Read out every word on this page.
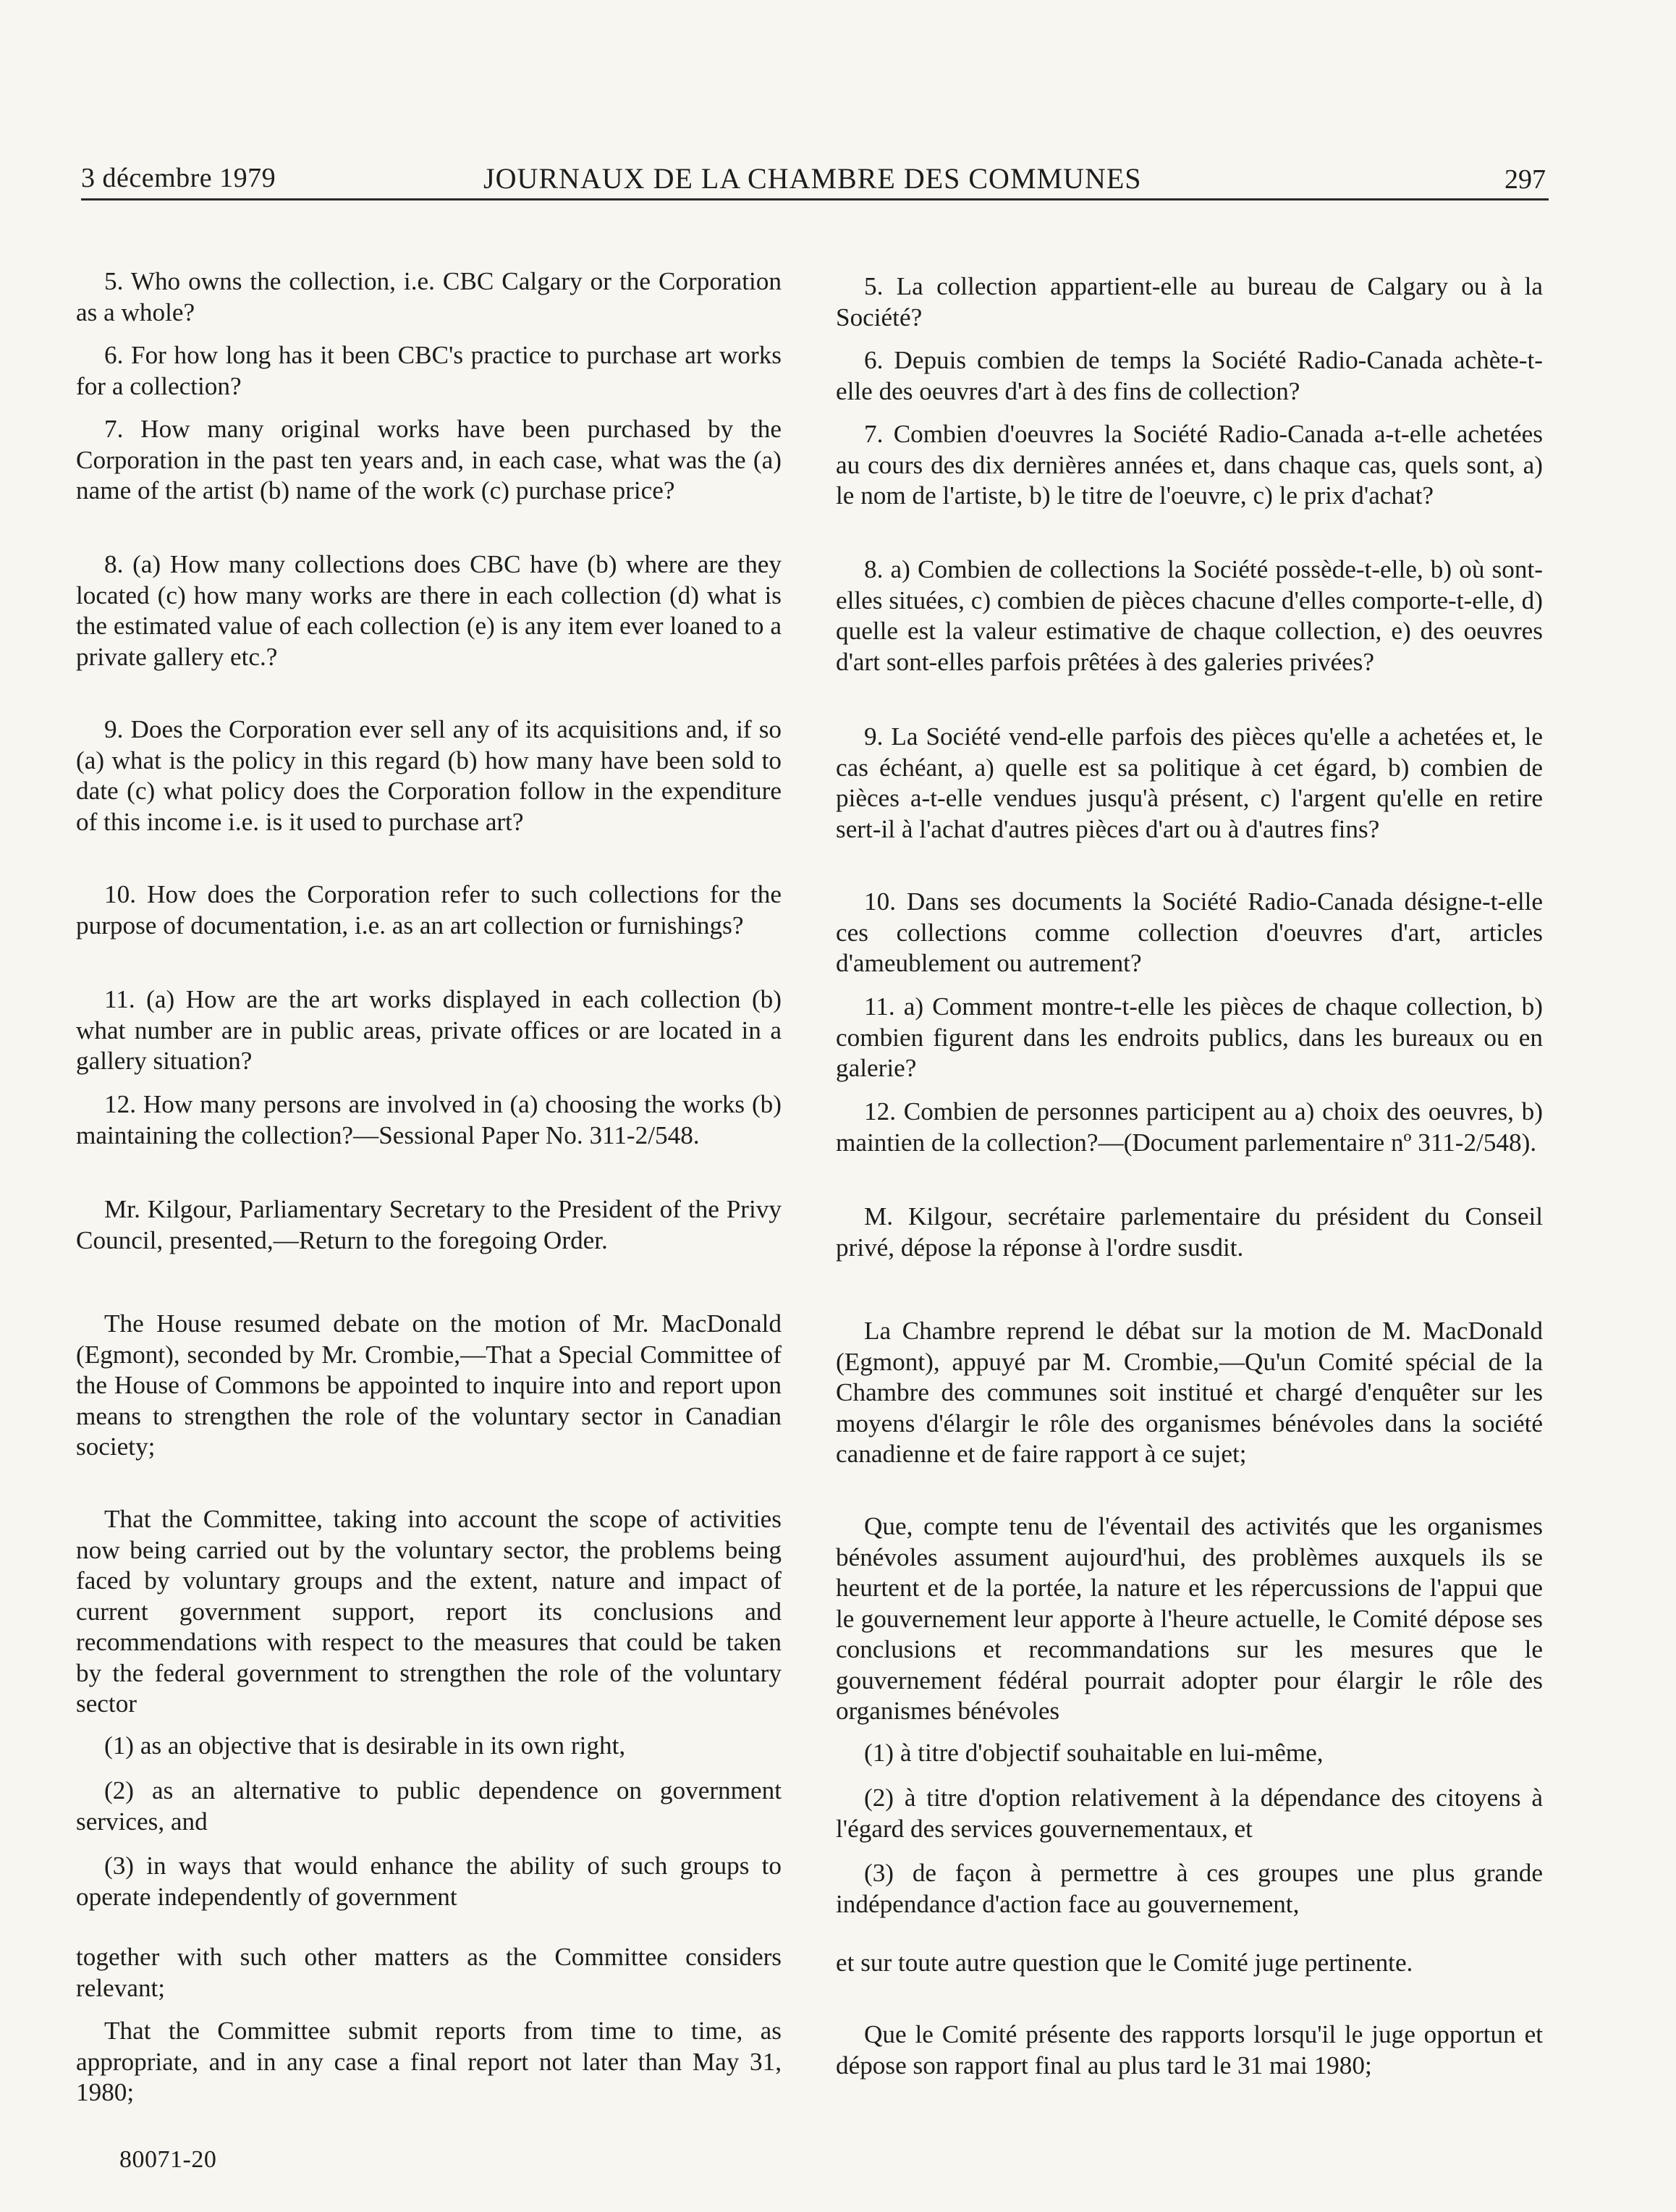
3 décembre 1979	JOURNAUX DE LA CHAMBRE DES COMMUNES	297

5. Who owns the collection, i.e. CBC Calgary or the Corporation as a whole?

6. For how long has it been CBC's practice to purchase art works for a collection?

7. How many original works have been purchased by the Corporation in the past ten years and, in each case, what was the (a) name of the artist (b) name of the work (c) purchase price?

8. (a) How many collections does CBC have (b) where are they located (c) how many works are there in each collection (d) what is the estimated value of each collection (e) is any item ever loaned to a private gallery etc.?

9. Does the Corporation ever sell any of its acquisitions and, if so (a) what is the policy in this regard (b) how many have been sold to date (c) what policy does the Corporation follow in the expenditure of this income i.e. is it used to purchase art?

10. How does the Corporation refer to such collections for the purpose of documentation, i.e. as an art collection or furnishings?

11. (a) How are the art works displayed in each collection (b) what number are in public areas, private offices or are located in a gallery situation?

12. How many persons are involved in (a) choosing the works (b) maintaining the collection?—Sessional Paper No. 311-2/548.

Mr. Kilgour, Parliamentary Secretary to the President of the Privy Council, presented,—Return to the foregoing Order.

The House resumed debate on the motion of Mr. MacDonald (Egmont), seconded by Mr. Crombie,—That a Special Committee of the House of Commons be appointed to inquire into and report upon means to strengthen the role of the voluntary sector in Canadian society;

That the Committee, taking into account the scope of activities now being carried out by the voluntary sector, the problems being faced by voluntary groups and the extent, nature and impact of current government support, report its conclusions and recommendations with respect to the measures that could be taken by the federal government to strengthen the role of the voluntary sector

(1) as an objective that is desirable in its own right,

(2) as an alternative to public dependence on government services, and

(3) in ways that would enhance the ability of such groups to operate independently of government

together with such other matters as the Committee considers relevant;

That the Committee submit reports from time to time, as appropriate, and in any case a final report not later than May 31, 1980;

5. La collection appartient-elle au bureau de Calgary ou à la Société?

6. Depuis combien de temps la Société Radio-Canada achète-t-elle des oeuvres d'art à des fins de collection?

7. Combien d'oeuvres la Société Radio-Canada a-t-elle achetées au cours des dix dernières années et, dans chaque cas, quels sont, a) le nom de l'artiste, b) le titre de l'oeuvre, c) le prix d'achat?

8. a) Combien de collections la Société possède-t-elle, b) où sont-elles situées, c) combien de pièces chacune d'elles comporte-t-elle, d) quelle est la valeur estimative de chaque collection, e) des oeuvres d'art sont-elles parfois prêtées à des galeries privées?

9. La Société vend-elle parfois des pièces qu'elle a achetées et, le cas échéant, a) quelle est sa politique à cet égard, b) combien de pièces a-t-elle vendues jusqu'à présent, c) l'argent qu'elle en retire sert-il à l'achat d'autres pièces d'art ou à d'autres fins?

10. Dans ses documents la Société Radio-Canada désigne-t-elle ces collections comme collection d'oeuvres d'art, articles d'ameublement ou autrement?

11. a) Comment montre-t-elle les pièces de chaque collection, b) combien figurent dans les endroits publics, dans les bureaux ou en galerie?

12. Combien de personnes participent au a) choix des oeuvres, b) maintien de la collection?—(Document parlementaire nº 311-2/548).

M. Kilgour, secrétaire parlementaire du président du Conseil privé, dépose la réponse à l'ordre susdit.

La Chambre reprend le débat sur la motion de M. MacDonald (Egmont), appuyé par M. Crombie,—Qu'un Comité spécial de la Chambre des communes soit institué et chargé d'enquêter sur les moyens d'élargir le rôle des organismes bénévoles dans la société canadienne et de faire rapport à ce sujet;

Que, compte tenu de l'éventail des activités que les organismes bénévoles assument aujourd'hui, des problèmes auxquels ils se heurtent et de la portée, la nature et les répercussions de l'appui que le gouvernement leur apporte à l'heure actuelle, le Comité dépose ses conclusions et recommandations sur les mesures que le gouvernement fédéral pourrait adopter pour élargir le rôle des organismes bénévoles

(1) à titre d'objectif souhaitable en lui-même,

(2) à titre d'option relativement à la dépendance des citoyens à l'égard des services gouvernementaux, et

(3) de façon à permettre à ces groupes une plus grande indépendance d'action face au gouvernement,

et sur toute autre question que le Comité juge pertinente.

Que le Comité présente des rapports lorsqu'il le juge opportun et dépose son rapport final au plus tard le 31 mai 1980;

80071-20
